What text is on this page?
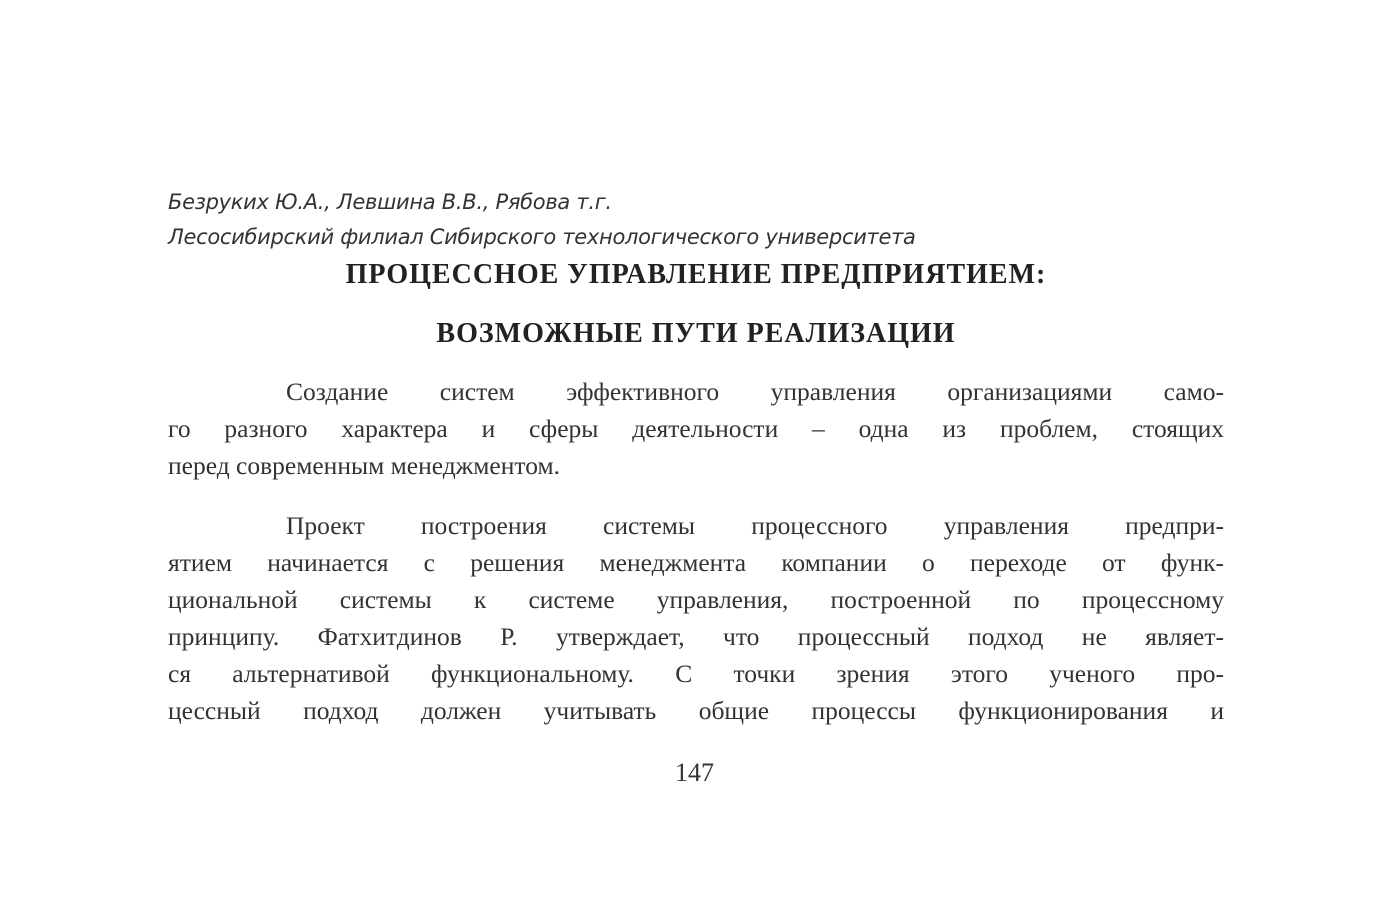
Безруких Ю.А., Левшина В.В., Рябова т.г.
Лесосибирский филиал Сибирского технологического университета
ПРОЦЕССНОЕ УПРАВЛЕНИЕ ПРЕДПРИЯТИЕМ:
ВОЗМОЖНЫЕ ПУТИ РЕАЛИЗАЦИИ
Создание систем эффективного управления организациями само-
го разного характера и сферы деятельности – одна из проблем, стоящих
перед современным менеджментом.
Проект построения системы процессного управления предпри-
ятием начинается с решения менеджмента компании о переходе от функ-
циональной системы к системе управления, построенной по процессному
принципу. Фатхитдинов Р. утверждает, что процессный подход не являет-
ся альтернативой функциональному. С точки зрения этого ученого про-
цессный подход должен учитывать общие процессы функционирования и
147
